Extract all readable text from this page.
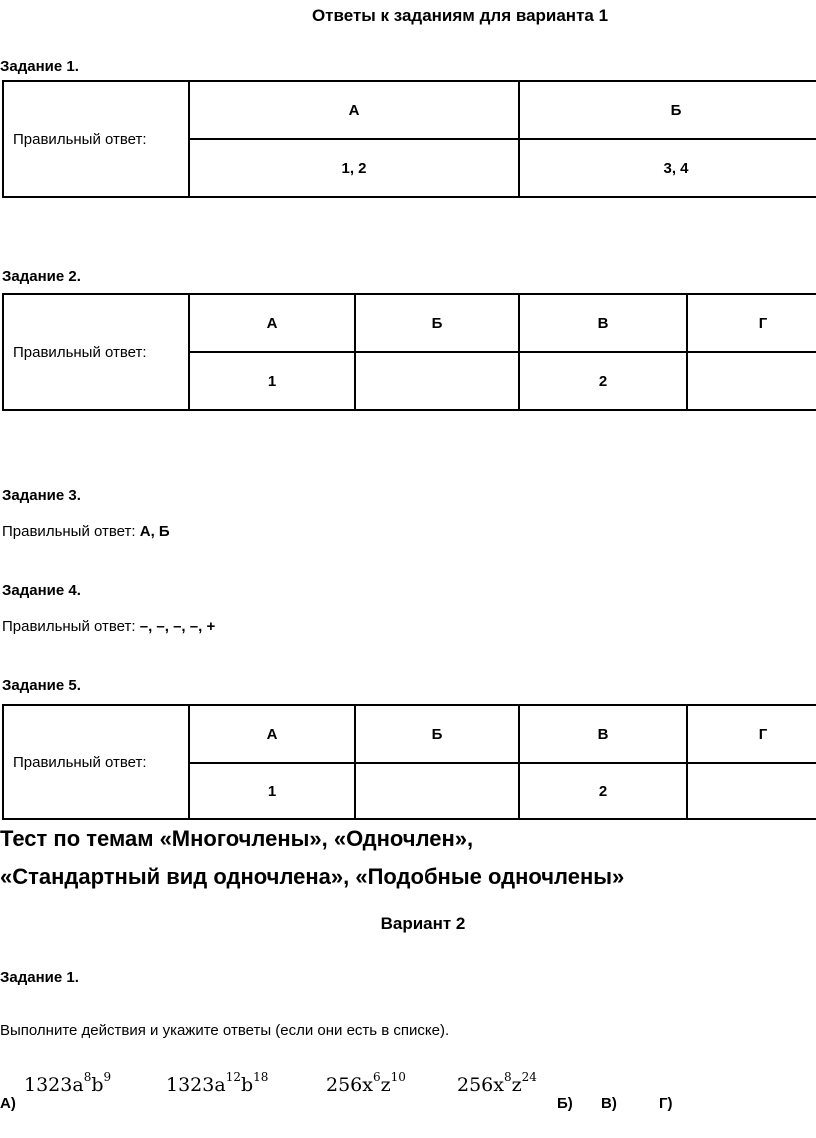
Ответы к заданиям для варианта 1
Задание 1.
Правильный ответ:	А	Б
	1, 2	3, 4
Задание 2.
Правильный ответ:	А	Б	В	Г
	1		2	
Задание 3.
Правильный ответ: А, Б
Задание 4.
Правильный ответ: –, –, –, –, +
Задание 5.
Правильный ответ:	А	Б	В	Г
	1		2	
Тест по темам «Многочлены», «Одночлен»,
«Стандартный вид одночлена», «Подобные одночлены»
Вариант 2
Задание 1.
Выполните действия и укажите ответы (если они есть в списке).
$1323a^8b^9$	$1323a^{12}b^{18}$	$256x^6z^{10}$	$256x^8z^{24}$
А)	Б) В)	Г)
